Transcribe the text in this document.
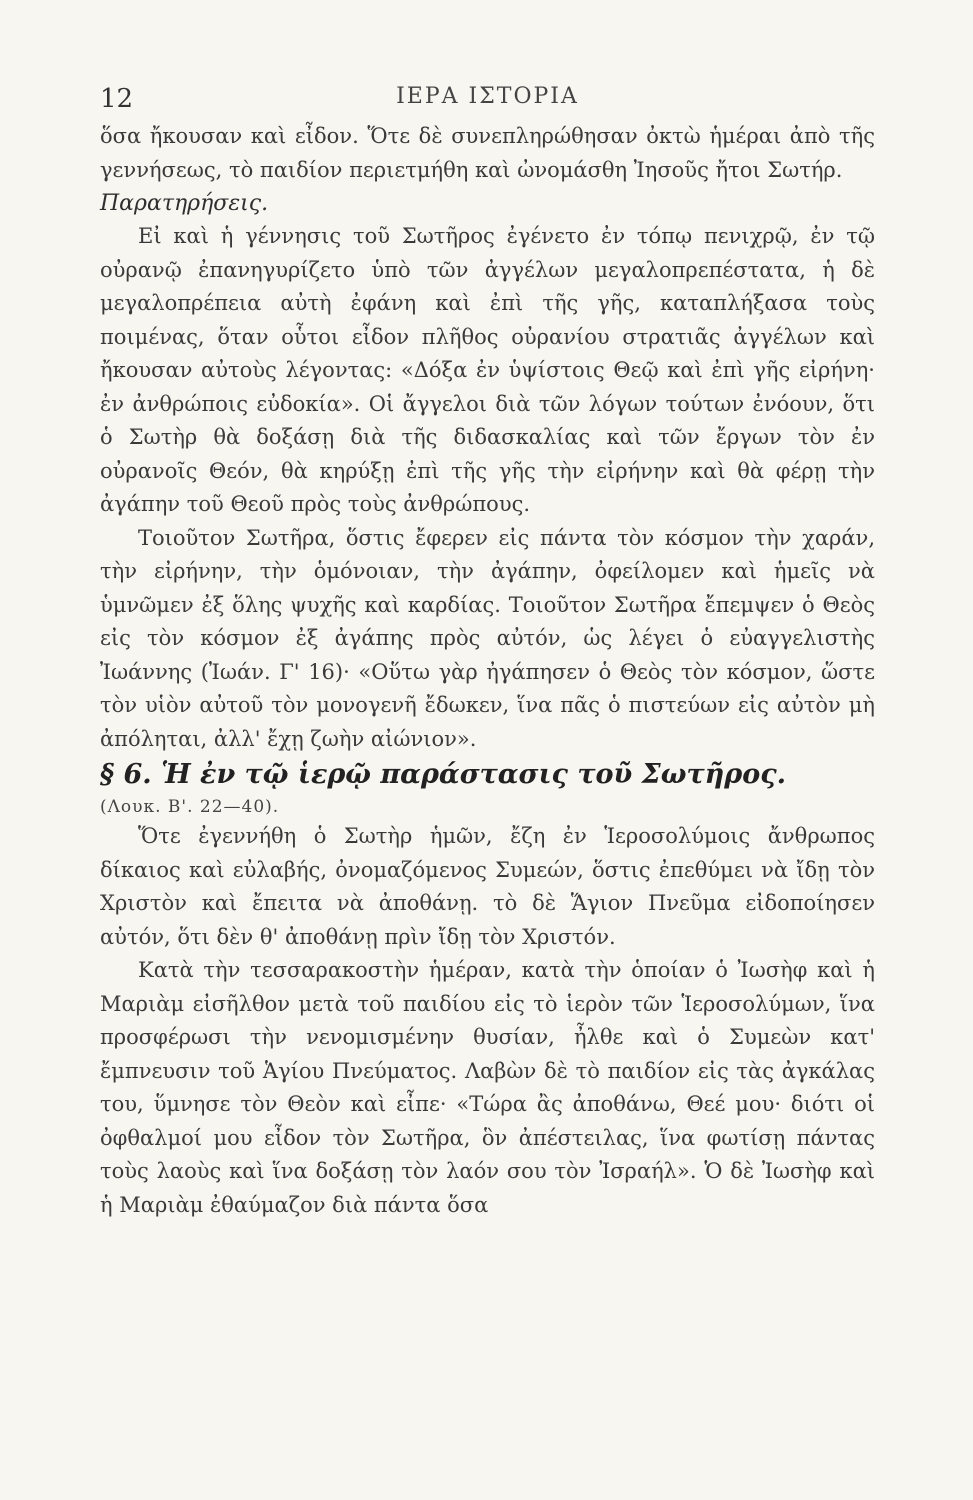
12	ΙΕΡΑ ΙΣΤΟΡΙΑ

ὅσα ἤκουσαν καὶ εἶδον. Ὅτε δὲ συνεπληρώθησαν ὀκτὼ ἡμέραι ἀπὸ τῆς γεννήσεως, τὸ παιδίον περιετμήθη καὶ ὠνομάσθη Ἰησοῦς ἤτοι Σωτήρ.

Παρατηρήσεις.

Εἰ καὶ ἡ γέννησις τοῦ Σωτῆρος ἐγένετο ἐν τόπῳ πενιχρῷ, ἐν τῷ οὐρανῷ ἐπανηγυρίζετο ὑπὸ τῶν ἀγγέλων μεγαλοπρεπέστατα, ἡ δὲ μεγαλοπρέπεια αὐτὴ ἐφάνη καὶ ἐπὶ τῆς γῆς, καταπλήξασα τοὺς ποιμένας, ὅταν οὗτοι εἶδον πλῆθος οὐρανίου στρατιᾶς ἀγγέλων καὶ ἤκουσαν αὐτοὺς λέγοντας: «Δόξα ἐν ὑψίστοις Θεῷ καὶ ἐπὶ γῆς εἰρήνη· ἐν ἀνθρώποις εὐδοκία». Οἱ ἄγγελοι διὰ τῶν λόγων τούτων ἐνόουν, ὅτι ὁ Σωτὴρ θὰ δοξάσῃ διὰ τῆς διδασκαλίας καὶ τῶν ἔργων τὸν ἐν οὐρανοῖς Θεόν, θὰ κηρύξῃ ἐπὶ τῆς γῆς τὴν εἰρήνην καὶ θὰ φέρῃ τὴν ἀγάπην τοῦ Θεοῦ πρὸς τοὺς ἀνθρώπους.

Τοιοῦτον Σωτῆρα, ὅστις ἔφερεν εἰς πάντα τὸν κόσμον τὴν χαράν, τὴν εἰρήνην, τὴν ὁμόνοιαν, τὴν ἀγάπην, ὀφείλομεν καὶ ἡμεῖς νὰ ὑμνῶμεν ἐξ ὅλης ψυχῆς καὶ καρδίας. Τοιοῦτον Σωτῆρα ἔπεμψεν ὁ Θεὸς εἰς τὸν κόσμον ἐξ ἀγάπης πρὸς αὐτόν, ὡς λέγει ὁ εὐαγγελιστὴς Ἰωάννης (Ἰωάν. Γ' 16)· «Οὕτω γὰρ ἠγάπησεν ὁ Θεὸς τὸν κόσμον, ὥστε τὸν υἱὸν αὐτοῦ τὸν μονογενῆ ἔδωκεν, ἵνα πᾶς ὁ πιστεύων εἰς αὐτὸν μὴ ἀπόληται, ἀλλ' ἔχῃ ζωὴν αἰώνιον».

§ 6. Ἡ ἐν τῷ ἱερῷ παράστασις τοῦ Σωτῆρος.

(Λουκ. Β'. 22—40).

Ὅτε ἐγεννήθη ὁ Σωτὴρ ἡμῶν, ἔζη ἐν Ἱεροσολύμοις ἄνθρωπος δίκαιος καὶ εὐλαβής, ὀνομαζόμενος Συμεών, ὅστις ἐπεθύμει νὰ ἴδῃ τὸν Χριστὸν καὶ ἔπειτα νὰ ἀποθάνῃ. τὸ δὲ Ἅγιον Πνεῦμα εἰδοποίησεν αὐτόν, ὅτι δὲν θ' ἀποθάνῃ πρὶν ἴδῃ τὸν Χριστόν.

Κατὰ τὴν τεσσαρακοστὴν ἡμέραν, κατὰ τὴν ὁποίαν ὁ Ἰωσὴφ καὶ ἡ Μαριὰμ εἰσῆλθον μετὰ τοῦ παιδίου εἰς τὸ ἱερὸν τῶν Ἱεροσολύμων, ἵνα προσφέρωσι τὴν νενομισμένην θυσίαν, ἦλθε καὶ ὁ Συμεὼν κατ' ἔμπνευσιν τοῦ Ἁγίου Πνεύματος. Λαβὼν δὲ τὸ παιδίον εἰς τὰς ἀγκάλας του, ὕμνησε τὸν Θεὸν καὶ εἶπε· «Τώρα ἂς ἀποθάνω, Θεέ μου· διότι οἱ ὀφθαλμοί μου εἶδον τὸν Σωτῆρα, ὃν ἀπέστειλας, ἵνα φωτίσῃ πάντας τοὺς λαοὺς καὶ ἵνα δοξάσῃ τὸν λαόν σου τὸν Ἰσραήλ». Ὁ δὲ Ἰωσὴφ καὶ ἡ Μαριὰμ ἐθαύμαζον διὰ πάντα ὅσα
